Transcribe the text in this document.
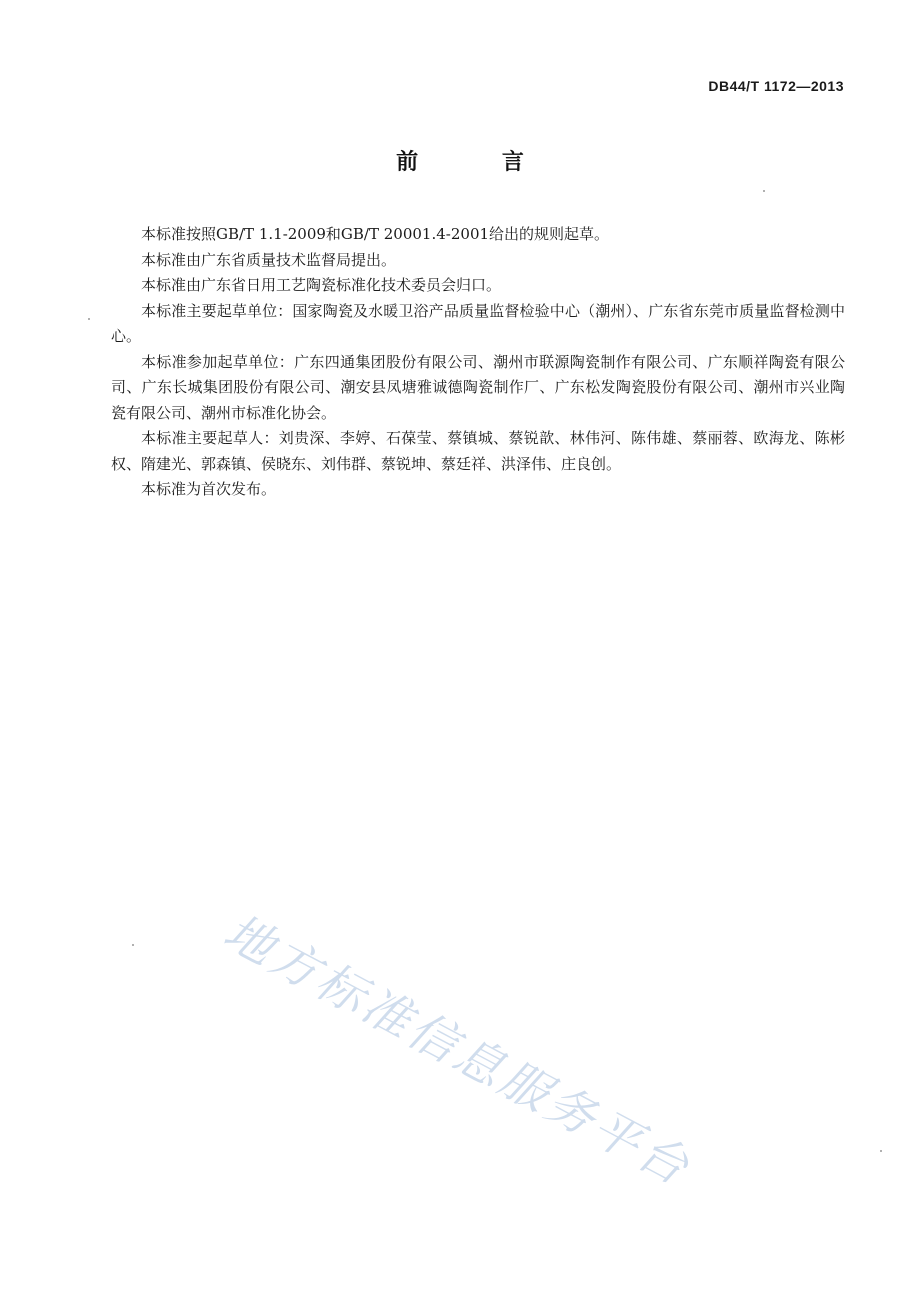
DB44/T 1172—2013
前 言

本标准按照GB/T 1.1-2009和GB/T 20001.4-2001给出的规则起草。

本标准由广东省质量技术监督局提出。

本标准由广东省日用工艺陶瓷标准化技术委员会归口。

本标准主要起草单位：国家陶瓷及水暖卫浴产品质量监督检验中心（潮州）、广东省东莞市质量监督检测中心。

本标准参加起草单位：广东四通集团股份有限公司、潮州市联源陶瓷制作有限公司、广东顺祥陶瓷有限公司、广东长城集团股份有限公司、潮安县凤塘雅诚德陶瓷制作厂、广东松发陶瓷股份有限公司、潮州市兴业陶瓷有限公司、潮州市标准化协会。

本标准主要起草人：刘贵深、李婷、石葆莹、蔡镇城、蔡锐歆、林伟河、陈伟雄、蔡丽蓉、欧海龙、陈彬权、隋建光、郭森镇、侯晓东、刘伟群、蔡锐坤、蔡廷祥、洪泽伟、庄良创。

本标准为首次发布。

地方标准信息服务平台
